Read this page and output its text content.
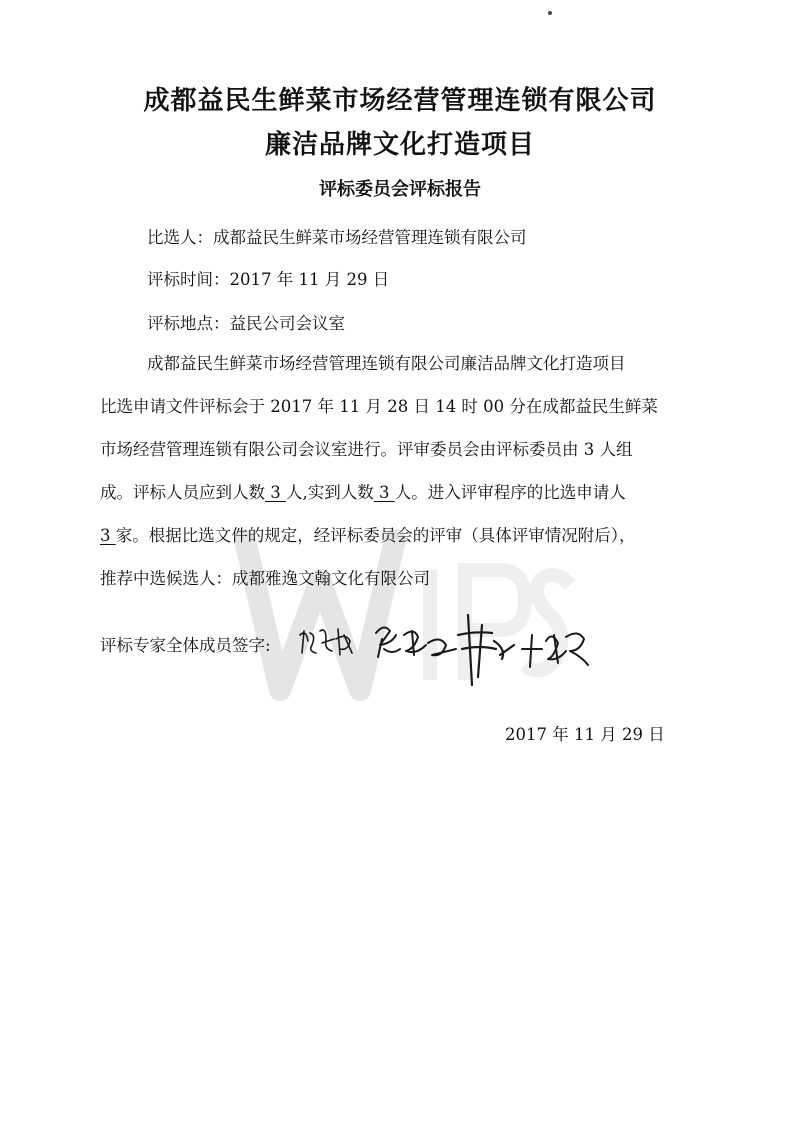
成都益民生鲜菜市场经营管理连锁有限公司
廉洁品牌文化打造项目
评标委员会评标报告
比选人：成都益民生鲜菜市场经营管理连锁有限公司
评标时间：2017 年 11 月 29 日
评标地点：益民公司会议室
成都益民生鲜菜市场经营管理连锁有限公司廉洁品牌文化打造项目
比选申请文件评标会于 2017 年 11 月 28 日 14 时 00 分在成都益民生鲜菜
市场经营管理连锁有限公司会议室进行。评审委员会由评标委员由 3 人组
成。评标人员应到人数 3 人,实到人数 3 人。进入评审程序的比选申请人
3 家。根据比选文件的规定，经评标委员会的评审（具体评审情况附后），
推荐中选候选人：成都雅逸文翰文化有限公司
评标专家全体成员签字:
2017 年 11 月 29 日
